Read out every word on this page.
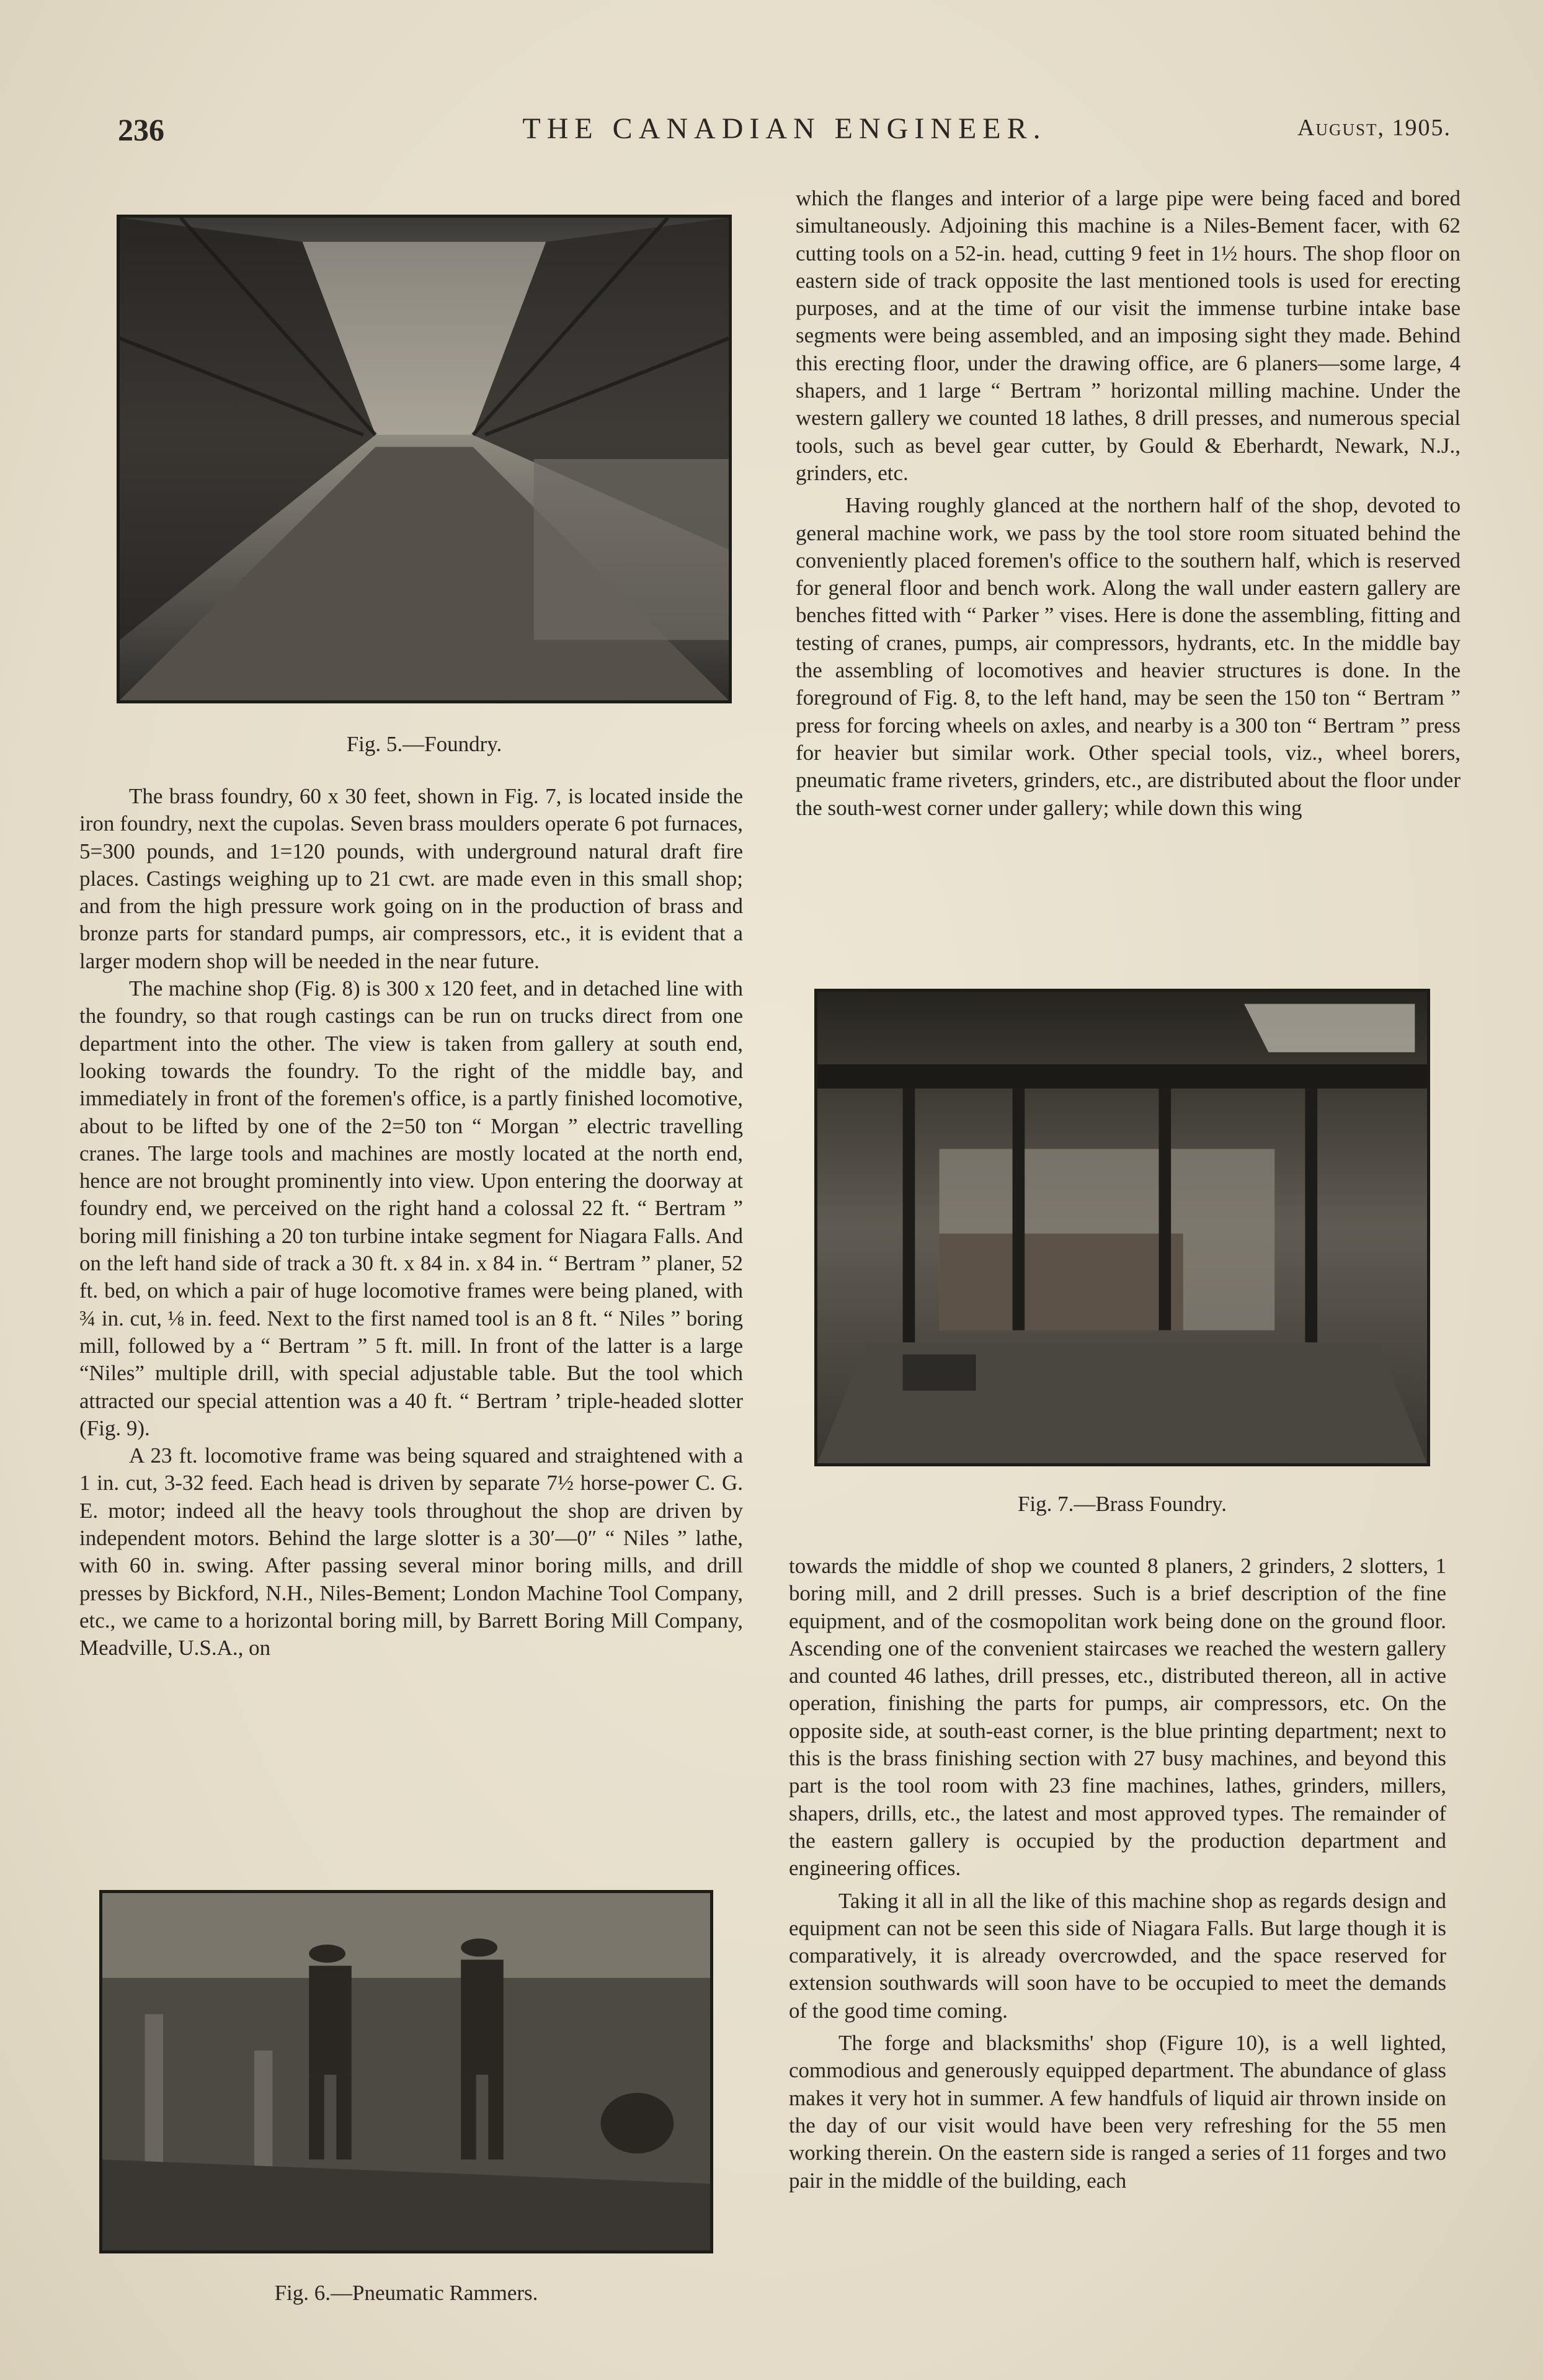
236	THE CANADIAN ENGINEER.	August, 1905.
Fig. 5.—Foundry.

The brass foundry, 60 x 30 feet, shown in Fig. 7, is located inside the iron foundry, next the cupolas. Seven brass moulders operate 6 pot furnaces, 5=300 pounds, and 1=120 pounds, with underground natural draft fire places. Castings weighing up to 21 cwt. are made even in this small shop; and from the high pressure work going on in the production of brass and bronze parts for standard pumps, air compressors, etc., it is evident that a larger modern shop will be needed in the near future.

The machine shop (Fig. 8) is 300 x 120 feet, and in detached line with the foundry, so that rough castings can be run on trucks direct from one department into the other. The view is taken from gallery at south end, looking towards the foundry. To the right of the middle bay, and immediately in front of the foremen's office, is a partly finished locomotive, about to be lifted by one of the 2=50 ton “ Morgan ” electric travelling cranes. The large tools and machines are mostly located at the north end, hence are not brought prominently into view. Upon entering the doorway at foundry end, we perceived on the right hand a colossal 22 ft. “ Bertram ” boring mill finishing a 20 ton turbine intake segment for Niagara Falls. And on the left hand side of track a 30 ft. x 84 in. x 84 in. “ Bertram ” planer, 52 ft. bed, on which a pair of huge locomotive frames were being planed, with ¾ in. cut, ⅛ in. feed. Next to the first named tool is an 8 ft. “ Niles ” boring mill, followed by a “ Bertram ” 5 ft. mill. In front of the latter is a large “Niles” multiple drill, with special adjustable table. But the tool which attracted our special attention was a 40 ft. “ Bertram ’ triple-headed slotter (Fig. 9).

A 23 ft. locomotive frame was being squared and straightened with a 1 in. cut, 3-32 feed. Each head is driven by separate 7½ horse-power C. G. E. motor; indeed all the heavy tools throughout the shop are driven by independent motors. Behind the large slotter is a 30′—0″ “ Niles ” lathe, with 60 in. swing. After passing several minor boring mills, and drill presses by Bickford, N.H., Niles-Bement; London Machine Tool Company, etc., we came to a horizontal boring mill, by Barrett Boring Mill Company, Meadville, U.S.A., on

which the flanges and interior of a large pipe were being faced and bored simultaneously. Adjoining this machine is a Niles-Bement facer, with 62 cutting tools on a 52-in. head, cutting 9 feet in 1½ hours. The shop floor on eastern side of track opposite the last mentioned tools is used for erecting purposes, and at the time of our visit the immense turbine intake base segments were being assembled, and an imposing sight they made. Behind this erecting floor, under the drawing office, are 6 planers—some large, 4 shapers, and 1 large “ Bertram ” horizontal milling machine. Under the western gallery we counted 18 lathes, 8 drill presses, and numerous special tools, such as bevel gear cutter, by Gould & Eberhardt, Newark, N.J., grinders, etc.

Having roughly glanced at the northern half of the shop, devoted to general machine work, we pass by the tool store room situated behind the conveniently placed foremen's office to the southern half, which is reserved for general floor and bench work. Along the wall under eastern gallery are benches fitted with “ Parker ” vises. Here is done the assembling, fitting and testing of cranes, pumps, air compressors, hydrants, etc. In the middle bay the assembling of locomotives and heavier structures is done. In the foreground of Fig. 8, to the left hand, may be seen the 150 ton “ Bertram ” press for forcing wheels on axles, and nearby is a 300 ton “ Bertram ” press for heavier but similar work. Other special tools, viz., wheel borers, pneumatic frame riveters, grinders, etc., are distributed about the floor under the south-west corner under gallery; while down this wing

Fig. 7.—Brass Foundry.

towards the middle of shop we counted 8 planers, 2 grinders, 2 slotters, 1 boring mill, and 2 drill presses. Such is a brief description of the fine equipment, and of the cosmopolitan work being done on the ground floor. Ascending one of the convenient staircases we reached the western gallery and counted 46 lathes, drill presses, etc., distributed thereon, all in active operation, finishing the parts for pumps, air compressors, etc. On the opposite side, at south-east corner, is the blue printing department; next to this is the brass finishing section with 27 busy machines, and beyond this part is the tool room with 23 fine machines, lathes, grinders, millers, shapers, drills, etc., the latest and most approved types. The remainder of the eastern gallery is occupied by the production department and engineering offices.

Taking it all in all the like of this machine shop as regards design and equipment can not be seen this side of Niagara Falls. But large though it is comparatively, it is already overcrowded, and the space reserved for extension southwards will soon have to be occupied to meet the demands of the good time coming.

The forge and blacksmiths' shop (Figure 10), is a well lighted, commodious and generously equipped department. The abundance of glass makes it very hot in summer. A few handfuls of liquid air thrown inside on the day of our visit would have been very refreshing for the 55 men working therein. On the eastern side is ranged a series of 11 forges and two pair in the middle of the building, each

Fig. 6.—Pneumatic Rammers.
